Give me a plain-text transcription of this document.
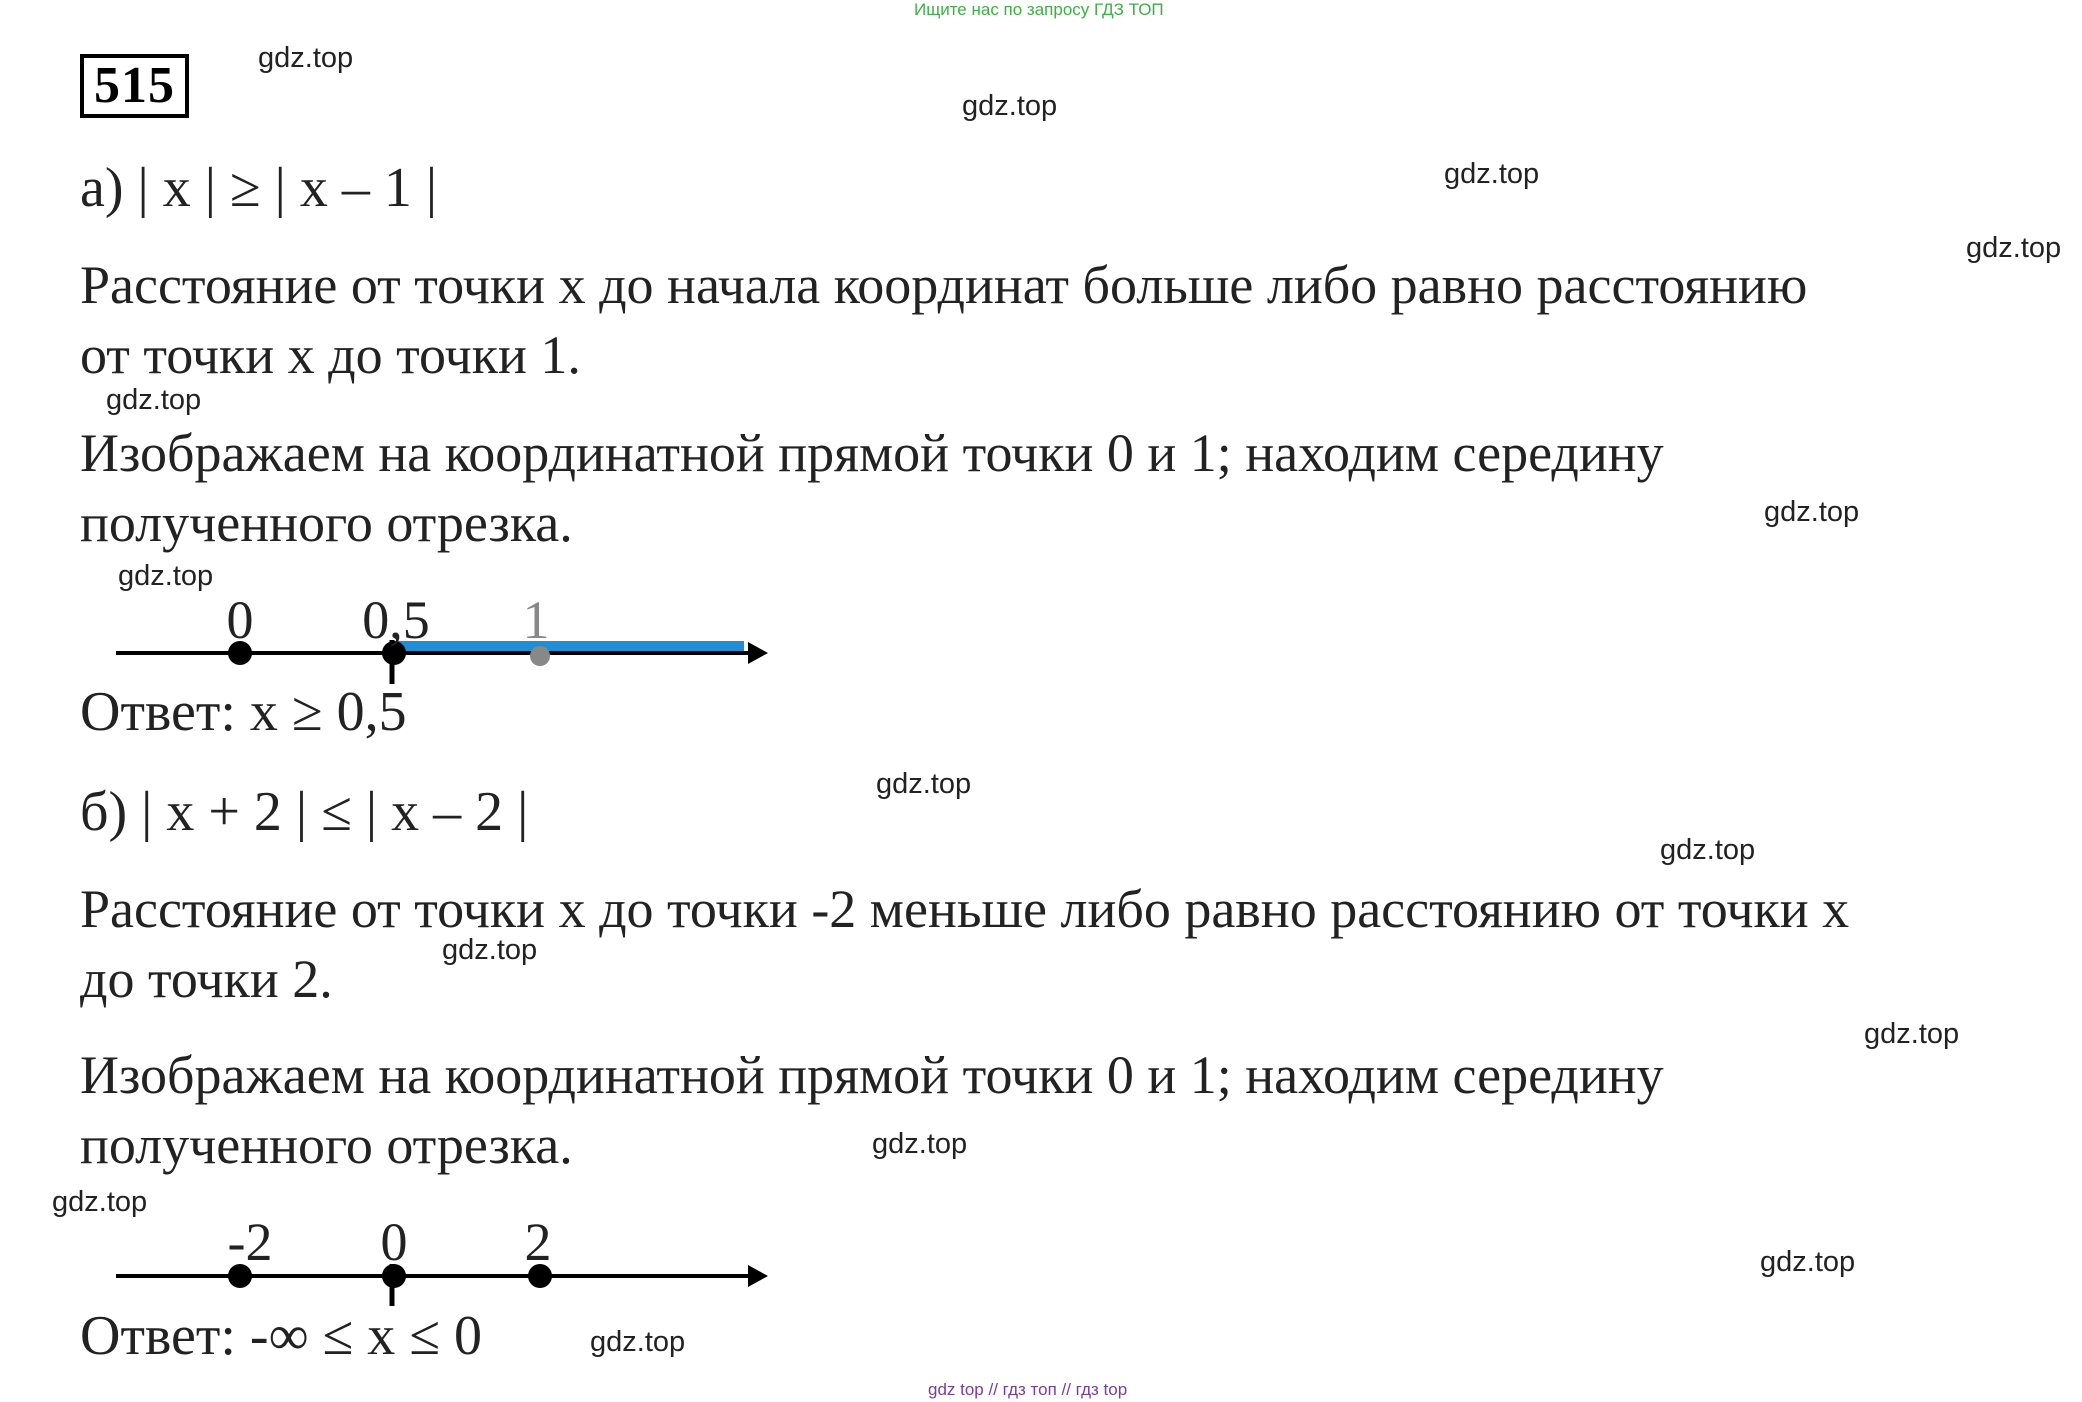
Ищите нас по запросу ГДЗ ТОП
515	gdz.top
gdz.top
gdz.top
gdz.top
gdz.top
gdz.top
gdz.top
gdz.top
gdz.top
gdz.top
gdz.top
gdz.top
gdz.top
gdz.top
gdz.top
а) | x | ≥ | x – 1 |
Расстояние от точки x до начала координат больше либо равно расстоянию
от точки x до точки 1.
Изображаем на координатной прямой точки 0 и 1; находим середину
полученного отрезка.
0 0,5 1
Ответ: x ≥ 0,5
б) | x + 2 | ≤ | x – 2 |
Расстояние от точки x до точки -2 меньше либо равно расстоянию от точки x
до точки 2.
Изображаем на координатной прямой точки 0 и 1; находим середину
полученного отрезка.
-2 0 2
Ответ: -∞ ≤ x ≤ 0
gdz top // гдз топ // гдз top
